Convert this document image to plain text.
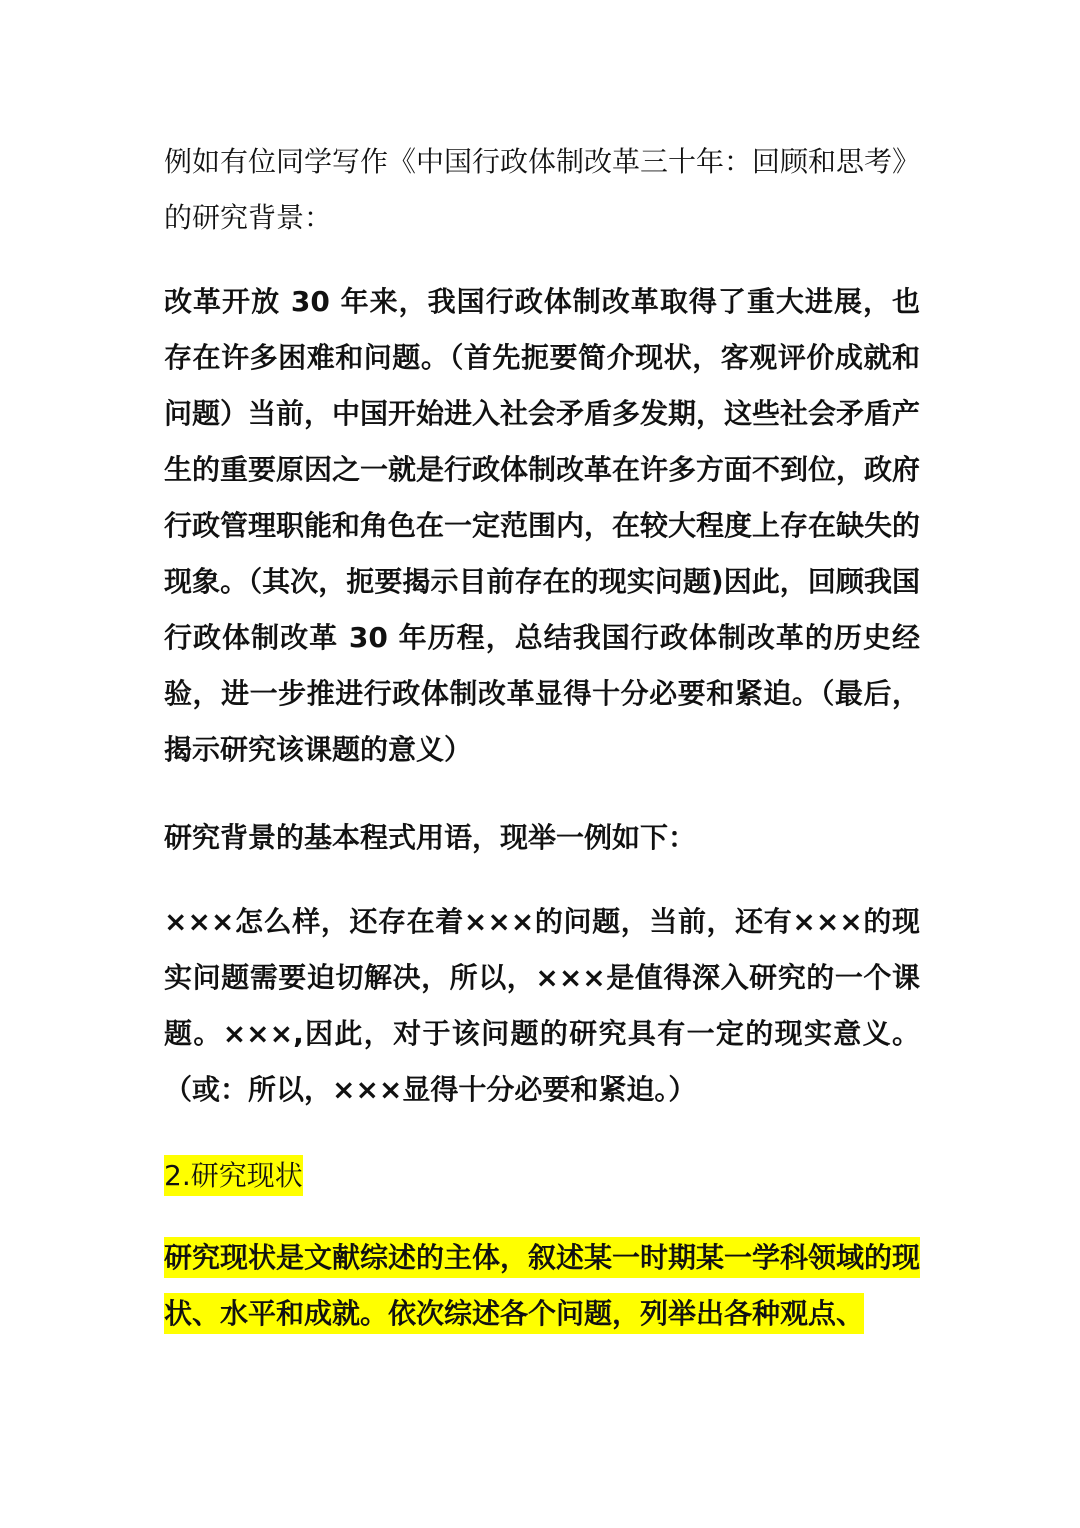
例如有位同学写作《中国行政体制改革三十年：回顾和思考》的研究背景：

改革开放 30 年来，我国行政体制改革取得了重大进展，也存在许多困难和问题。（首先扼要简介现状，客观评价成就和问题）当前，中国开始进入社会矛盾多发期，这些社会矛盾产生的重要原因之一就是行政体制改革在许多方面不到位，政府行政管理职能和角色在一定范围内，在较大程度上存在缺失的现象。（其次，扼要揭示目前存在的现实问题)因此，回顾我国行政体制改革 30 年历程，总结我国行政体制改革的历史经验，进一步推进行政体制改革显得十分必要和紧迫。（最后，揭示研究该课题的意义）

研究背景的基本程式用语，现举一例如下：

×××怎么样，还存在着×××的问题，当前，还有×××的现实问题需要迫切解决，所以，×××是值得深入研究的一个课题。×××,因此，对于该问题的研究具有一定的现实意义。（或：所以，×××显得十分必要和紧迫。）

2.研究现状

研究现状是文献综述的主体，叙述某一时期某一学科领域的现状、水平和成就。依次综述各个问题，列举出各种观点、
